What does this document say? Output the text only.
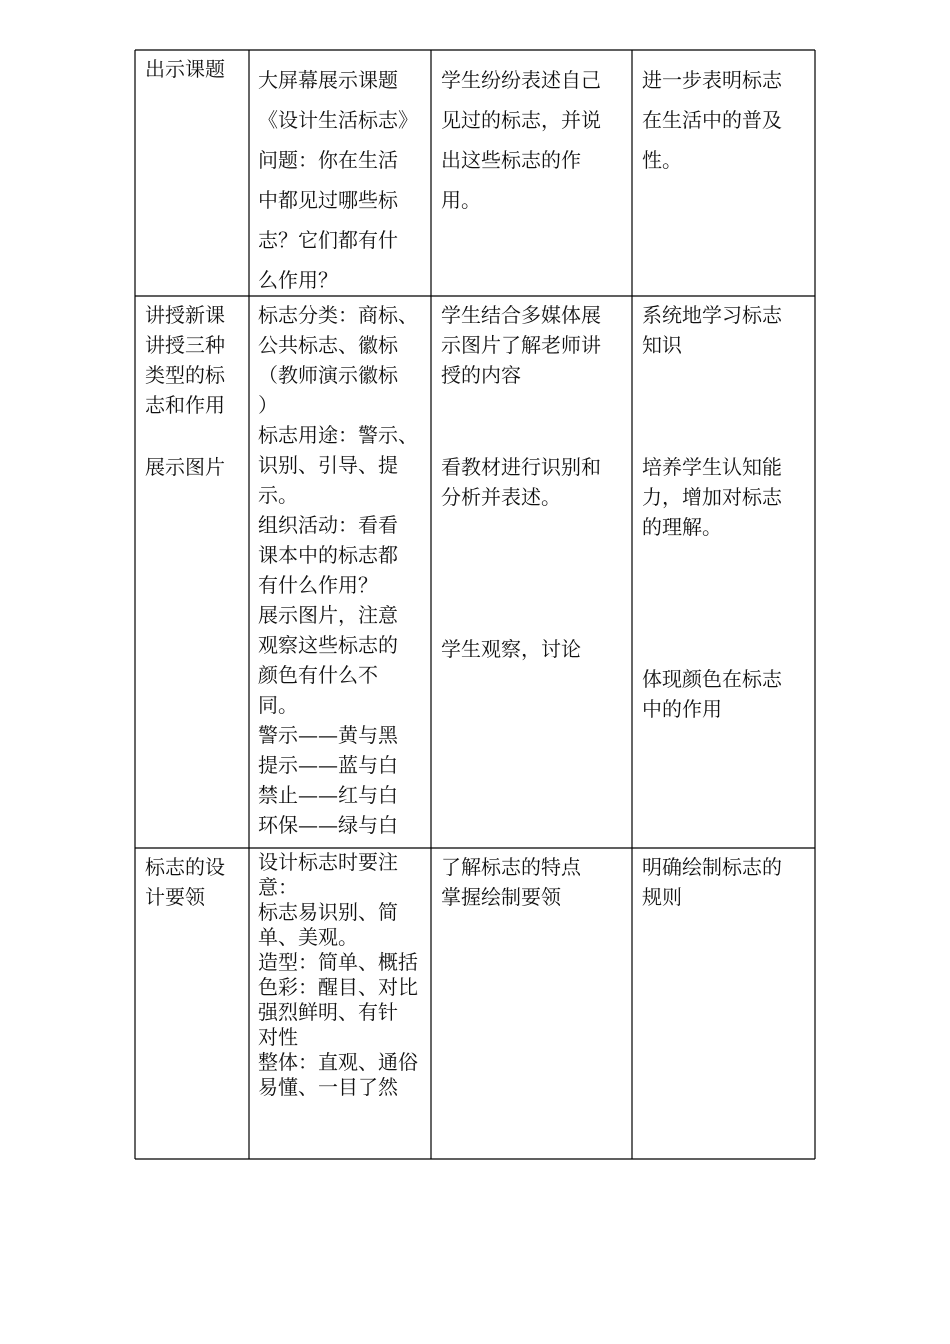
出示课题	大屏幕展示课题
《设计生活标志》
问题：你在生活
中都见过哪些标
志？它们都有什
么作用？
学生纷纷表述自己
见过的标志，并说
出这些标志的作
用。
进一步表明标志
在生活中的普及
性。
讲授新课
讲授三种
类型的标
志和作用
展示图片
标志分类：商标、
公共标志、徽标
（教师演示徽标
）
标志用途：警示、
识别、引导、提
示。
组织活动：看看
课本中的标志都
有什么作用？
展示图片，注意
观察这些标志的
颜色有什么不
同。
警示——黄与黑
提示——蓝与白
禁止——红与白
环保——绿与白
学生结合多媒体展
示图片了解老师讲
授的内容
看教材进行识别和
分析并表述。
学生观察，讨论
系统地学习标志
知识
培养学生认知能
力，增加对标志
的理解。
体现颜色在标志
中的作用
标志的设
计要领
设计标志时要注
意：
标志易识别、简
单、美观。
造型：简单、概括
色彩：醒目、对比
强烈鲜明、有针
对性
整体：直观、通俗
易懂、一目了然
了解标志的特点
掌握绘制要领
明确绘制标志的
规则
